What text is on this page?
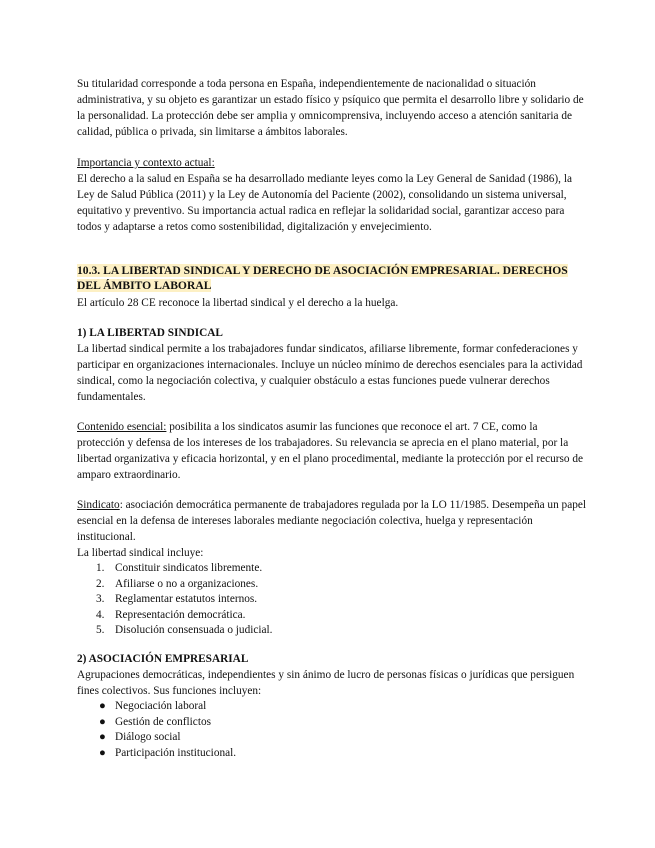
Su titularidad corresponde a toda persona en España, independientemente de nacionalidad o situación administrativa, y su objeto es garantizar un estado físico y psíquico que permita el desarrollo libre y solidario de la personalidad. La protección debe ser amplia y omnicomprensiva, incluyendo acceso a atención sanitaria de calidad, pública o privada, sin limitarse a ámbitos laborales.
Importancia y contexto actual:
El derecho a la salud en España se ha desarrollado mediante leyes como la Ley General de Sanidad (1986), la Ley de Salud Pública (2011) y la Ley de Autonomía del Paciente (2002), consolidando un sistema universal, equitativo y preventivo. Su importancia actual radica en reflejar la solidaridad social, garantizar acceso para todos y adaptarse a retos como sostenibilidad, digitalización y envejecimiento.
10.3. LA LIBERTAD SINDICAL Y DERECHO DE ASOCIACIÓN EMPRESARIAL. DERECHOS DEL ÁMBITO LABORAL
El artículo 28 CE reconoce la libertad sindical y el derecho a la huelga.
1) LA LIBERTAD SINDICAL
La libertad sindical permite a los trabajadores fundar sindicatos, afiliarse libremente, formar confederaciones y participar en organizaciones internacionales. Incluye un núcleo mínimo de derechos esenciales para la actividad sindical, como la negociación colectiva, y cualquier obstáculo a estas funciones puede vulnerar derechos fundamentales.
Contenido esencial: posibilita a los sindicatos asumir las funciones que reconoce el art. 7 CE, como la protección y defensa de los intereses de los trabajadores. Su relevancia se aprecia en el plano material, por la libertad organizativa y eficacia horizontal, y en el plano procedimental, mediante la protección por el recurso de amparo extraordinario.
Sindicato: asociación democrática permanente de trabajadores regulada por la LO 11/1985. Desempeña un papel esencial en la defensa de intereses laborales mediante negociación colectiva, huelga y representación institucional.
La libertad sindical incluye:
1. Constituir sindicatos libremente.
2. Afiliarse o no a organizaciones.
3. Reglamentar estatutos internos.
4. Representación democrática.
5. Disolución consensuada o judicial.
2) ASOCIACIÓN EMPRESARIAL
Agrupaciones democráticas, independientes y sin ánimo de lucro de personas físicas o jurídicas que persiguen fines colectivos. Sus funciones incluyen:
● Negociación laboral
● Gestión de conflictos
● Diálogo social
● Participación institucional.
